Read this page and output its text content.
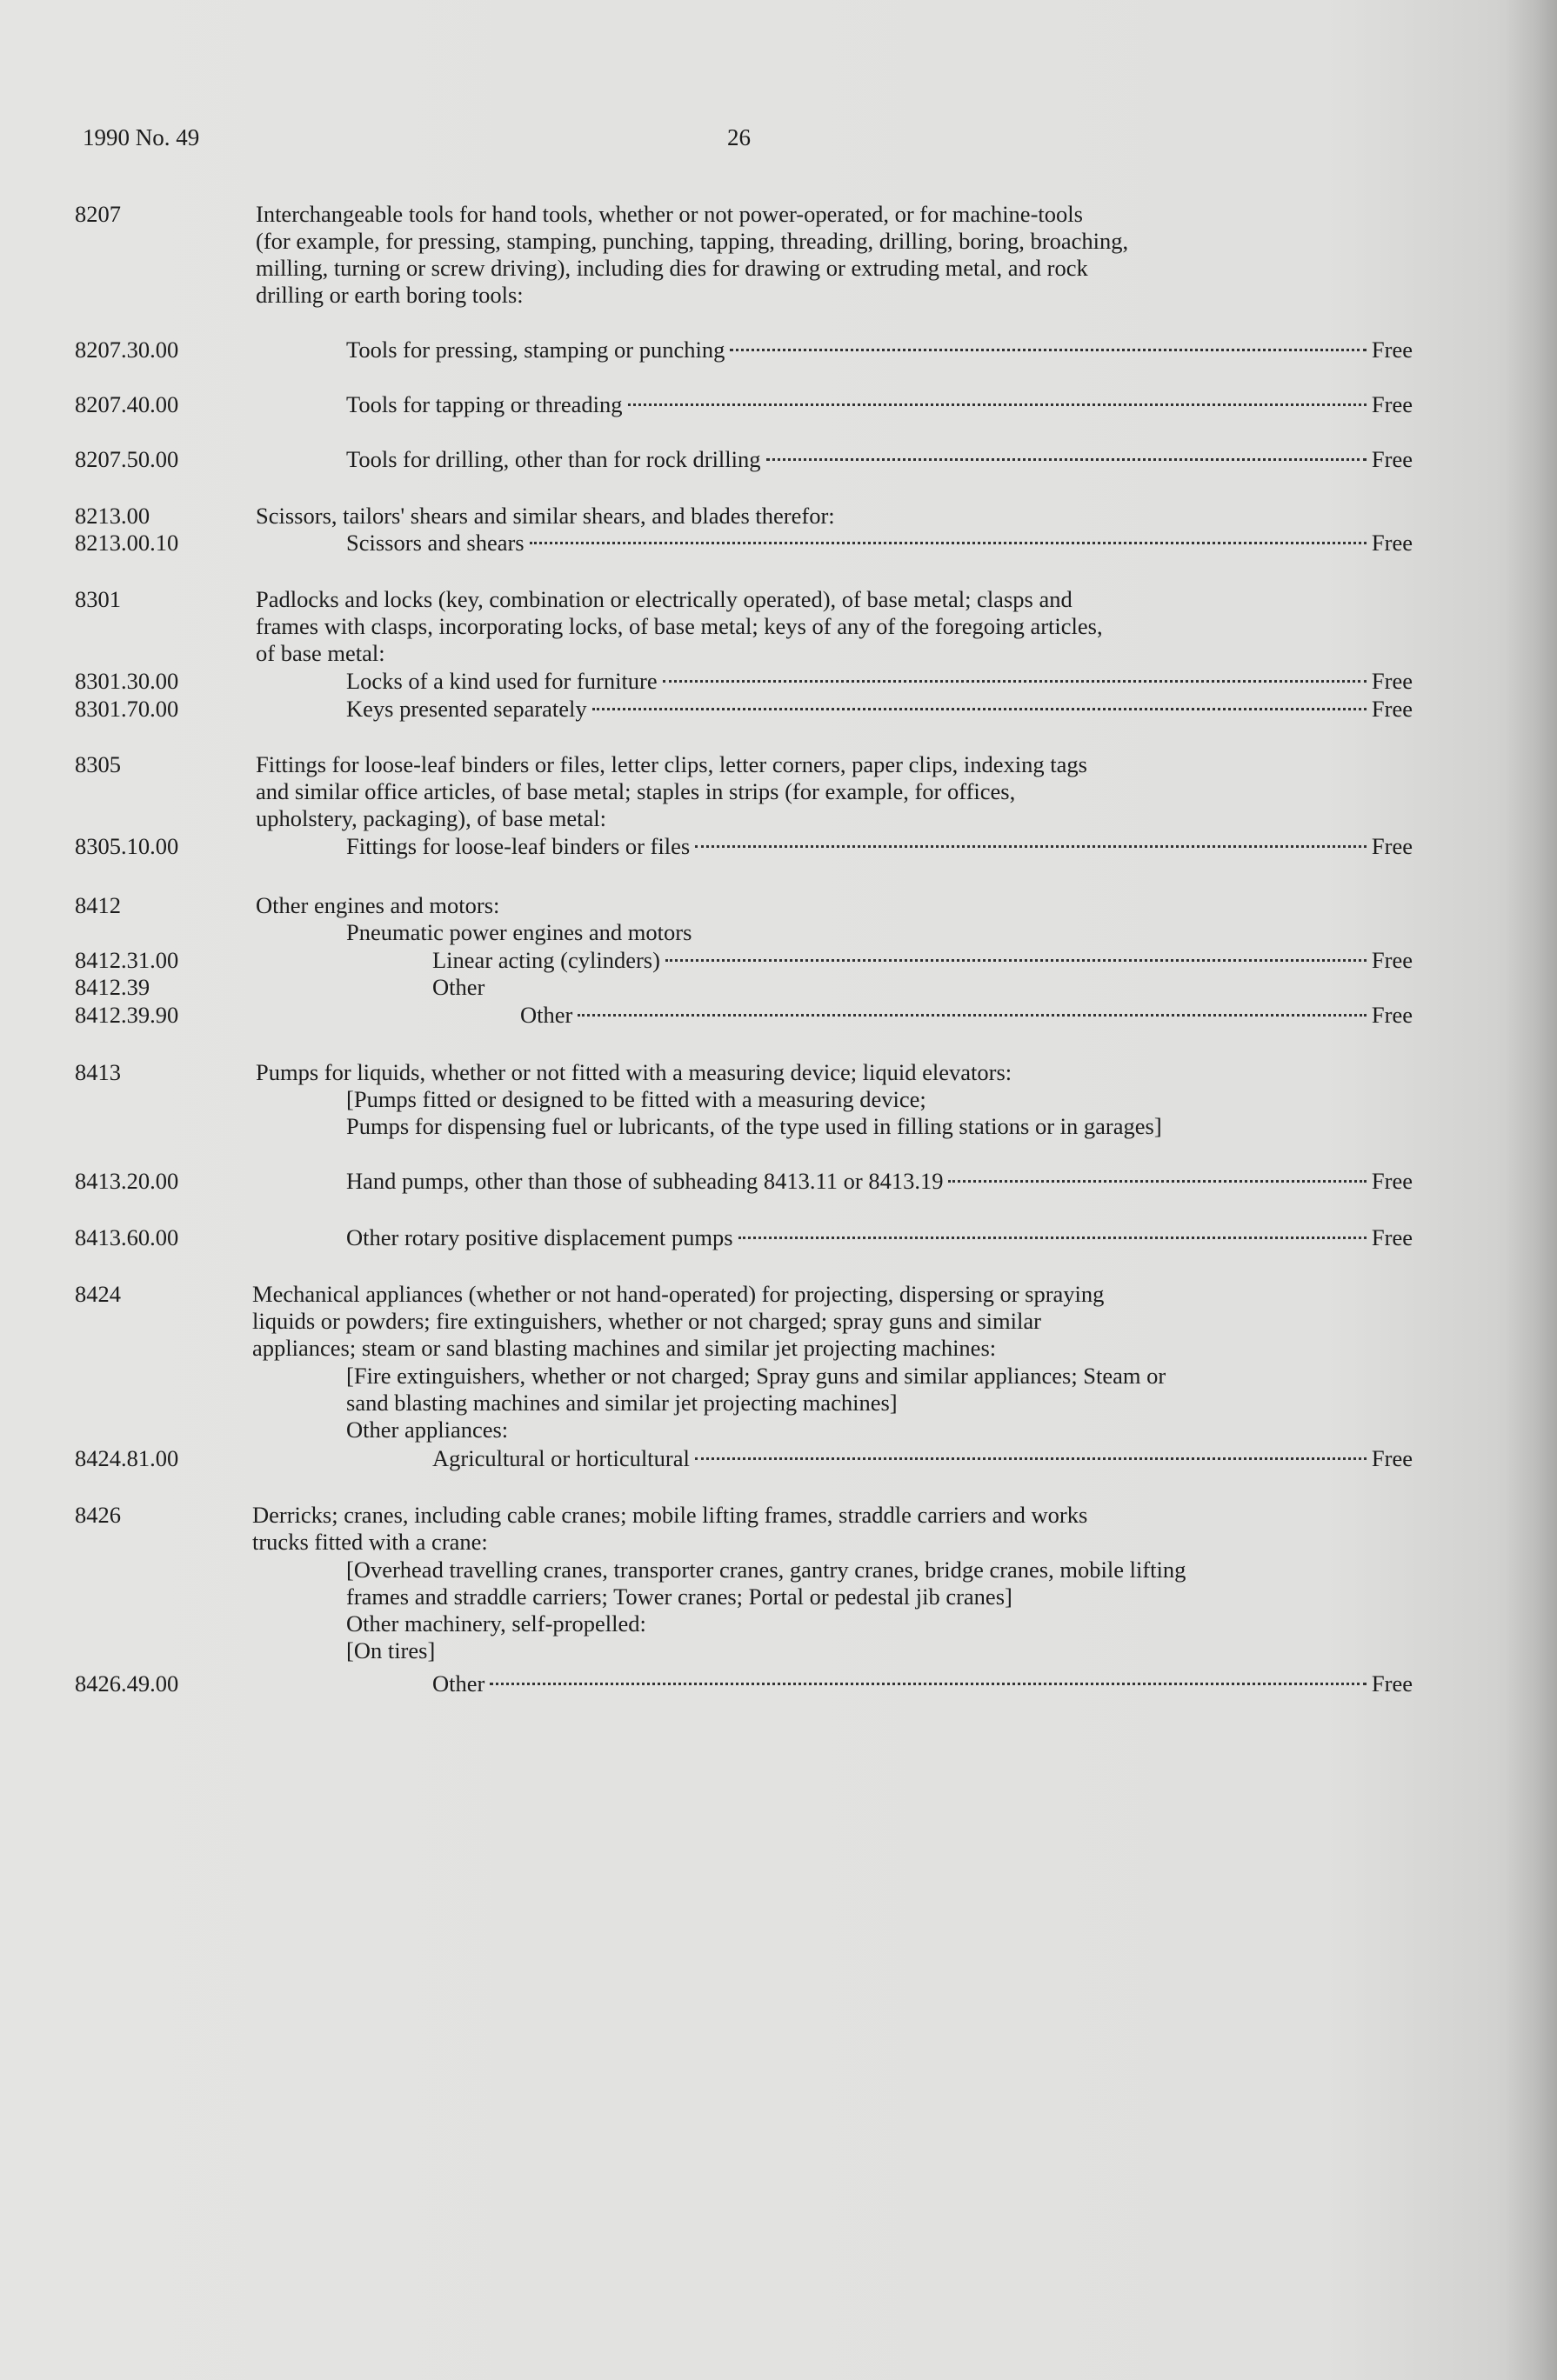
1990 No. 49	26
8207	Interchangeable tools for hand tools, whether or not power-operated, or for machine-tools
(for example, for pressing, stamping, punching, tapping, threading, drilling, boring, broaching,
milling, turning or screw driving), including dies for drawing or extruding metal, and rock
drilling or earth boring tools:
8207.30.00	Tools for pressing, stamping or punching	Free
8207.40.00	Tools for tapping or threading	Free
8207.50.00	Tools for drilling, other than for rock drilling	Free
8213.00	Scissors, tailors' shears and similar shears, and blades therefor:
8213.00.10	Scissors and shears	Free
8301	Padlocks and locks (key, combination or electrically operated), of base metal; clasps and
frames with clasps, incorporating locks, of base metal; keys of any of the foregoing articles,
of base metal:
8301.30.00	Locks of a kind used for furniture	Free
8301.70.00	Keys presented separately	Free
8305	Fittings for loose-leaf binders or files, letter clips, letter corners, paper clips, indexing tags
and similar office articles, of base metal; staples in strips (for example, for offices,
upholstery, packaging), of base metal:
8305.10.00	Fittings for loose-leaf binders or files	Free
8412	Other engines and motors:
Pneumatic power engines and motors
8412.31.00	Linear acting (cylinders)	Free
8412.39	Other
8412.39.90	Other	Free
8413	Pumps for liquids, whether or not fitted with a measuring device; liquid elevators:
[Pumps fitted or designed to be fitted with a measuring device;
Pumps for dispensing fuel or lubricants, of the type used in filling stations or in garages]
8413.20.00	Hand pumps, other than those of subheading 8413.11 or 8413.19	Free
8413.60.00	Other rotary positive displacement pumps	Free
8424	Mechanical appliances (whether or not hand-operated) for projecting, dispersing or spraying
liquids or powders; fire extinguishers, whether or not charged; spray guns and similar
appliances; steam or sand blasting machines and similar jet projecting machines:
[Fire extinguishers, whether or not charged; Spray guns and similar appliances; Steam or
sand blasting machines and similar jet projecting machines]
Other appliances:
8424.81.00	Agricultural or horticultural	Free
8426	Derricks; cranes, including cable cranes; mobile lifting frames, straddle carriers and works
trucks fitted with a crane:
[Overhead travelling cranes, transporter cranes, gantry cranes, bridge cranes, mobile lifting
frames and straddle carriers; Tower cranes; Portal or pedestal jib cranes]
Other machinery, self-propelled:
[On tires]
8426.49.00	Other	Free
